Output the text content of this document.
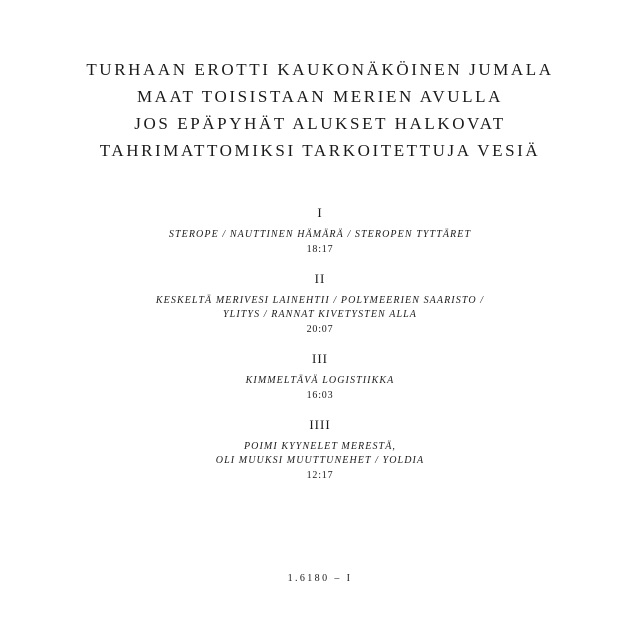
TURHAAN EROTTI KAUKONÄKÖINEN JUMALA
MAAT TOISISTAAN MERIEN AVULLA
JOS EPÄPYHÄT ALUKSET HALKOVAT
TAHRIMATTOMIKSI TARKOITETTUJA VESIÄ
I
STEROPE / NAUTTINEN HÄMÄRÄ / STEROPEN TYTTÄRET
18:17
II
KESKELTÄ MERIVESI LAINEHTII / POLYMEERIEN SAARISTO /
YLITYS / RANNAT KIVETYSTEN ALLA
20:07
III
KIMMELTÄVÄ LOGISTIIKKA
16:03
IIII
POIMI KYYNELET MERESTÄ,
OLI MUUKSI MUUTTUNEHET / YOLDIA
12:17
1.6180 – I
